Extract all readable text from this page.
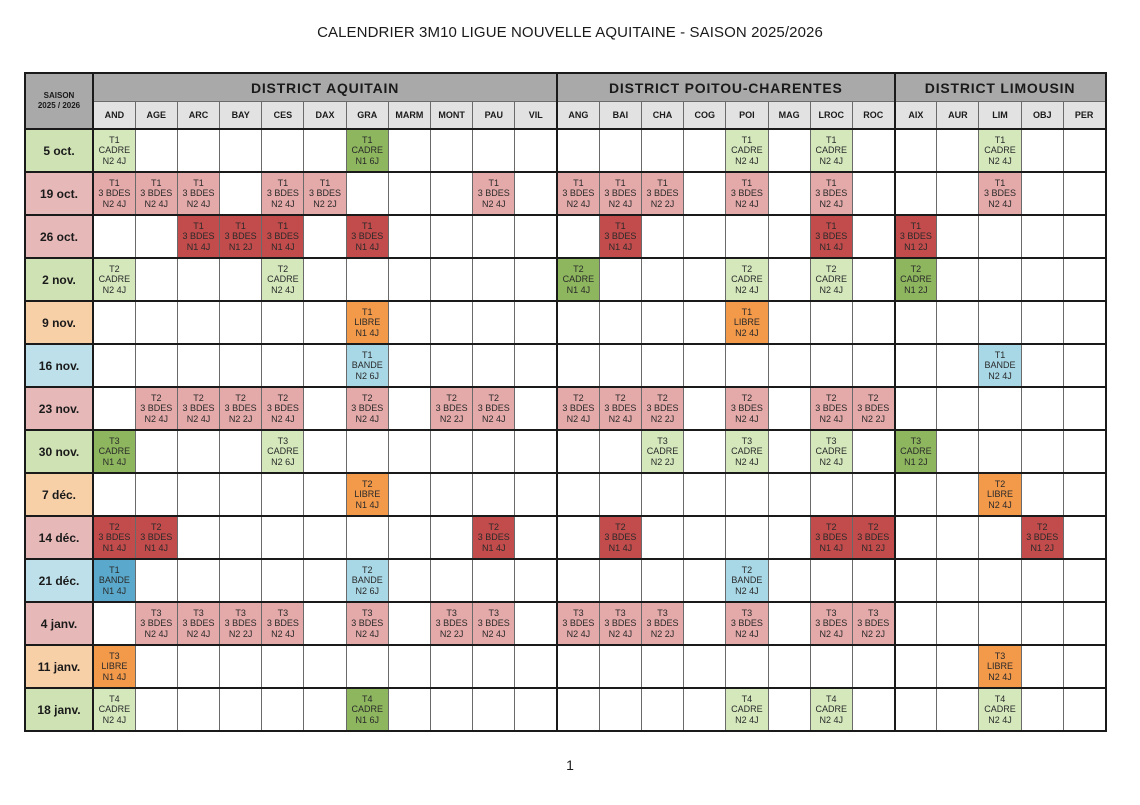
CALENDRIER 3M10 LIGUE NOUVELLE AQUITAINE - SAISON 2025/2026
SAISON
2025 / 2026	DISTRICT AQUITAIN											DISTRICT POITOU-CHARENTES								DISTRICT LIMOUSIN				
	AND	AGE	ARC	BAY	CES	DAX	GRA	MARM	MONT	PAU	VIL	ANG	BAI	CHA	COG	POI	MAG	LROC	ROC	AIX	AUR	LIM	OBJ	PER
5 oct.	T1
CADRE
N2 4J						T1
CADRE
N1 6J									T1
CADRE
N2 4J		T1
CADRE
N2 4J				T1
CADRE
N2 4J		

19 oct.	T1
3 BDES
N2 4J	T1
3 BDES
N2 4J	T1
3 BDES
N2 4J		T1
3 BDES
N2 4J	T1
3 BDES
N2 2J				T1
3 BDES
N2 4J		T1
3 BDES
N2 4J	T1
3 BDES
N2 4J	T1
3 BDES
N2 2J		T1
3 BDES
N2 4J		T1
3 BDES
N2 4J				T1
3 BDES
N2 4J		

26 oct.			T1
3 BDES
N1 4J	T1
3 BDES
N1 2J	T1
3 BDES
N1 4J		T1
3 BDES
N1 4J						T1
3 BDES
N1 4J					T1
3 BDES
N1 4J		T1
3 BDES
N1 2J				

2 nov.	T2
CADRE
N2 4J				T2
CADRE
N2 4J							T2
CADRE
N1 4J				T2
CADRE
N2 4J		T2
CADRE
N2 4J		T2
CADRE
N1 2J				

9 nov.							T1
LIBRE
N1 4J									T1
LIBRE
N2 4J								

16 nov.							T1
BANDE
N2 6J															T1
BANDE
N2 4J		

23 nov.		T2
3 BDES
N2 4J	T2
3 BDES
N2 4J	T2
3 BDES
N2 2J	T2
3 BDES
N2 4J		T2
3 BDES
N2 4J		T2
3 BDES
N2 2J	T2
3 BDES
N2 4J		T2
3 BDES
N2 4J	T2
3 BDES
N2 4J	T2
3 BDES
N2 2J		T2
3 BDES
N2 4J		T2
3 BDES
N2 4J	T2
3 BDES
N2 2J					

30 nov.	T3
CADRE
N1 4J				T3
CADRE
N2 6J									T3
CADRE
N2 2J		T3
CADRE
N2 4J		T3
CADRE
N2 4J		T3
CADRE
N1 2J				

7 déc.							T2
LIBRE
N1 4J															T2
LIBRE
N2 4J		

14 déc.	T2
3 BDES
N1 4J	T2
3 BDES
N1 4J								T2
3 BDES
N1 4J			T2
3 BDES
N1 4J					T2
3 BDES
N1 4J	T2
3 BDES
N1 2J				T2
3 BDES
N1 2J	

21 déc.	T1
BANDE
N1 4J						T2
BANDE
N2 6J									T2
BANDE
N2 4J								

4 janv.		T3
3 BDES
N2 4J	T3
3 BDES
N2 4J	T3
3 BDES
N2 2J	T3
3 BDES
N2 4J		T3
3 BDES
N2 4J		T3
3 BDES
N2 2J	T3
3 BDES
N2 4J		T3
3 BDES
N2 4J	T3
3 BDES
N2 4J	T3
3 BDES
N2 2J		T3
3 BDES
N2 4J		T3
3 BDES
N2 4J	T3
3 BDES
N2 2J					

11 janv.	T3
LIBRE
N1 4J																					T3
LIBRE
N2 4J		

18 janv.	T4
CADRE
N2 4J						T4
CADRE
N1 6J									T4
CADRE
N2 4J		T4
CADRE
N2 4J				T4
CADRE
N2 4J		

1
